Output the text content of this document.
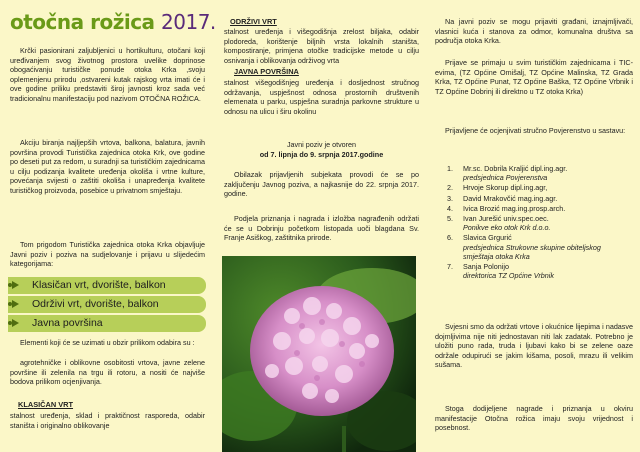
otočna rožica 2017.
Krčki pasionirani zaljubljenici u hortikulturu, otočani koji uređivanjem svog životnog prostora uvelike doprinose obogaćivanju turističke ponude otoka Krka ,svoju oplemenjenu prirodu ,ostvareni kutak rajskog vrta imati će i ove godine priliku predstaviti široj javnosti kroz sada već tradicionalnu manifestaciju pod nazivom OTOČNA ROŽICA.
Akciju biranja najljepših vrtova, balkona, balatura, javnih površina provodi Turistička zajednica otoka Krk, ove godine po deseti put za redom, u suradnji sa turističkim zajednicama u cilju podizanja kvalitete uređenja okoliša i vrtne kulture, povećanja svijesti o zaštiti okoliša i unapređenja kvalitete turističkog proizvoda, posebice u privatnom smještaju.
Tom prigodom Turistička zajednica otoka Krka objavljuje Javni poziv i poziva na sudjelovanje i prijavu u slijedećim kategorijama:
Klasičan vrt, dvorište, balkon
Održivi vrt, dvorište, balkon
Javna površina
Elementi koji će se uzimati u obzir prilikom odabira su :
agrotehničke i oblikovne osobitosti vrtova, javne zelene površine ili zelenila na trgu ili rotoru, a nositi će najviše bodova prilikom ocjenjivanja.
KLASIČAN VRT
stalnost uređenja, sklad i praktičnost rasporeda, odabir staništa i originalno oblikovanje
ODRŽIVI VRT
stalnost uređenja i višegodišnja zrelost biljaka, odabir plodoreda, korištenje biljnih vrsta lokalnih staništa, kompostiranje, primjena otočke tradicijske metode u cilju osnivanja i oblikovanja održivog vrta
JAVNA POVRŠINA
stalnost višegodišnjeg uređenja i dosljednost stručnog održavanja, uspješnost odnosa prostornih društvenih elemenata u parku, uspješna suradnja parkovne strukture u odnosu na ulicu i širu okolinu
Javni poziv je otvoren
od 7. lipnja do 9. srpnja 2017.godine
Obilazak prijavljenih subjekata provodi će se po zaključenju Javnog poziva, a najkasnije do 22. srpnja 2017. godine.
Podjela priznanja i nagrada i izložba nagrađenih održati će se u Dobrinju početkom listopada uoči blagdana Sv. Franje Asiškog, zaštitnika prirode.
Na javni poziv se mogu prijaviti građani, iznajmljivači, vlasnici kuća i stanova za odmor, komunalna društva sa područja otoka Krka.
Prijave se primaju u svim turističkim zajednicama i TIC-evima, (TZ Općine Omišalj, TZ Općine Malinska, TZ Grada Krka, TZ Općine Punat, TZ Općine Baška, TZ Općine Vrbnik i TZ Općine Dobrinj ili direktno u TZ otoka Krka)
Prijavljene će ocjenjivati stručno Povjerenstvo u sastavu:
1. Mr.sc. Dobrila Kraljić dipl.ing.agr.
predsjednica Povjerenstva
2. Hrvoje Skorup dipl.ing.agr,
3. David Mrakovčić mag.ing.agr.
4. Ivica Brozić mag.ing.prosp.arch.
5. Ivan Jurešić univ.spec.oec.
Ponikve eko otok Krk d.o.o.
6. Slavica Grgurić
predsjednica Strukovne skupine obiteljskog smještaja otoka Krka
7. Sanja Polonijo
direktorica TZ Općine Vrbnik
Svjesni smo da održati vrtove i okućnice lijepima i nadasve dojmljivima nije niti jednostavan niti lak zadatak. Potrebno je uložiti puno rada, truda i ljubavi kako bi se zelene oaze održale odupirući se jakim kišama, posoli, mrazu ili velikim sušama.
Stoga dodijeljene nagrade i priznanja u okviru manifestacije Otočna rožica imaju svoju vrijednost i posebnost.
